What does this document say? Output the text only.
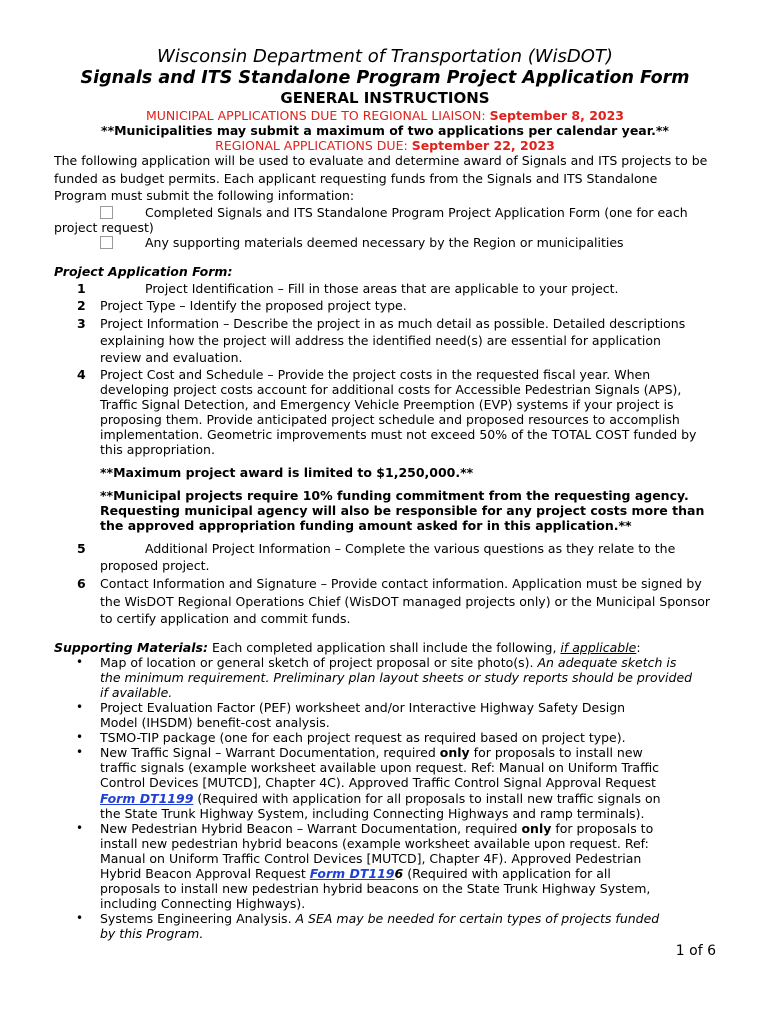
Wisconsin Department of Transportation (WisDOT)
Signals and ITS Standalone Program Project Application Form
GENERAL INSTRUCTIONS
MUNICIPAL APPLICATIONS DUE TO REGIONAL LIAISON: September 8, 2023
**Municipalities may submit a maximum of two applications per calendar year.**
REGIONAL APPLICATIONS DUE: September 22, 2023
The following application will be used to evaluate and determine award of Signals and ITS projects to be
funded as budget permits. Each applicant requesting funds from the Signals and ITS Standalone
Program must submit the following information:
Completed Signals and ITS Standalone Program Project Application Form (one for each
project request)
Any supporting materials deemed necessary by the Region or municipalities
Project Application Form:
1	Project Identification – Fill in those areas that are applicable to your project.
2 Project Type – Identify the proposed project type.
3 Project Information – Describe the project in as much detail as possible. Detailed descriptions
explaining how the project will address the identified need(s) are essential for application
review and evaluation.
4 Project Cost and Schedule – Provide the project costs in the requested fiscal year. When
developing project costs account for additional costs for Accessible Pedestrian Signals (APS),
Traffic Signal Detection, and Emergency Vehicle Preemption (EVP) systems if your project is
proposing them. Provide anticipated project schedule and proposed resources to accomplish
implementation. Geometric improvements must not exceed 50% of the TOTAL COST funded by
this appropriation.
**Maximum project award is limited to $1,250,000.**
**Municipal projects require 10% funding commitment from the requesting agency.
Requesting municipal agency will also be responsible for any project costs more than
the approved appropriation funding amount asked for in this application.**
5	Additional Project Information – Complete the various questions as they relate to the
proposed project.
6 Contact Information and Signature – Provide contact information. Application must be signed by
the WisDOT Regional Operations Chief (WisDOT managed projects only) or the Municipal Sponsor
to certify application and commit funds.
Supporting Materials: Each completed application shall include the following, if applicable:
• Map of location or general sketch of project proposal or site photo(s). An adequate sketch is
the minimum requirement. Preliminary plan layout sheets or study reports should be provided
if available.
• Project Evaluation Factor (PEF) worksheet and/or Interactive Highway Safety Design
Model (IHSDM) benefit-cost analysis.
• TSMO-TIP package (one for each project request as required based on project type).
• New Traffic Signal – Warrant Documentation, required only for proposals to install new
traffic signals (example worksheet available upon request. Ref: Manual on Uniform Traffic
Control Devices [MUTCD], Chapter 4C). Approved Traffic Control Signal Approval Request
Form DT1199 (Required with application for all proposals to install new traffic signals on
the State Trunk Highway System, including Connecting Highways and ramp terminals).
• New Pedestrian Hybrid Beacon – Warrant Documentation, required only for proposals to
install new pedestrian hybrid beacons (example worksheet available upon request. Ref:
Manual on Uniform Traffic Control Devices [MUTCD], Chapter 4F). Approved Pedestrian
Hybrid Beacon Approval Request Form DT1196 (Required with application for all
proposals to install new pedestrian hybrid beacons on the State Trunk Highway System,
including Connecting Highways).
• Systems Engineering Analysis. A SEA may be needed for certain types of projects funded
by this Program.
1 of 6
